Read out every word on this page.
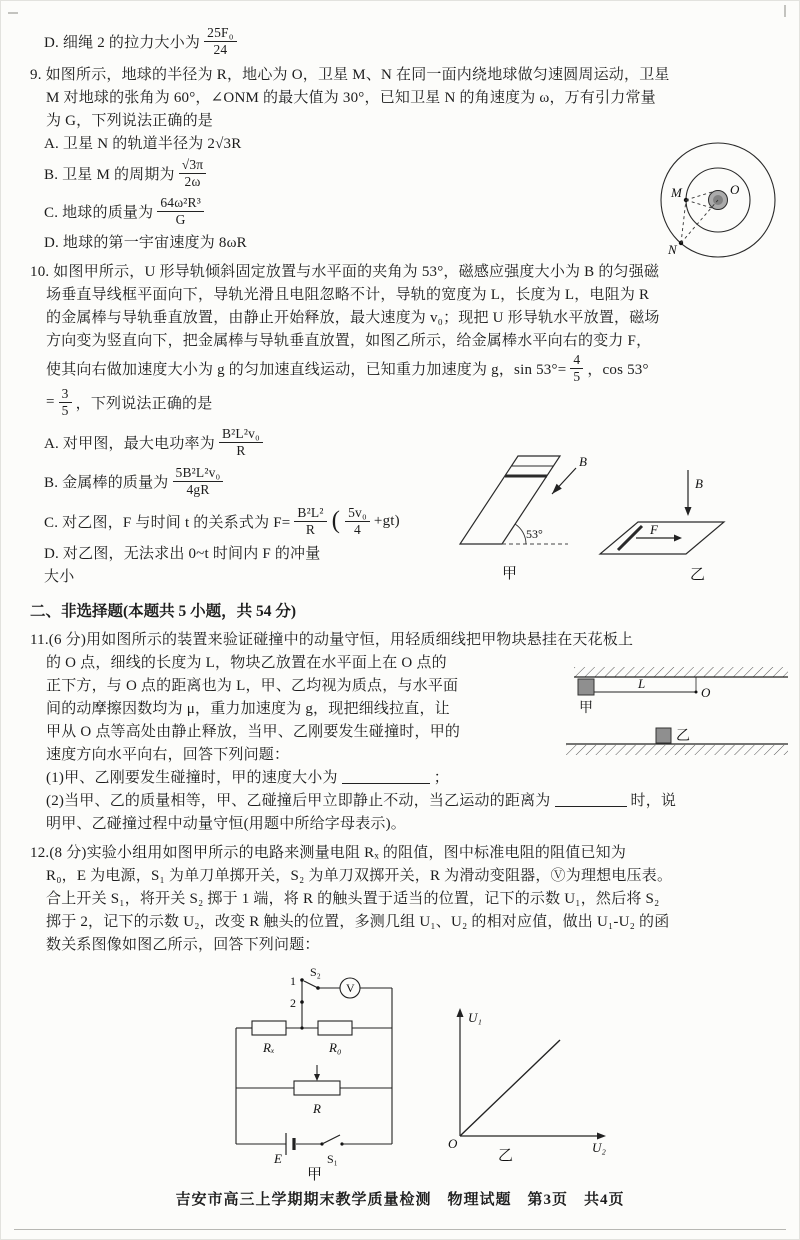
D. 细绳 2 的拉力大小为 $\frac{\text{25F₀}}{24}$
9. 如图所示，地球的半径为 R，地心为 O，卫星 M、N 在同一面内绕地球做匀速圆周运动，卫星
M 对地球的张角为 60°，∠ONM 的最大值为 30°，已知卫星 N 的角速度为 ω，万有引力常量
为 G，下列说法正确的是
A. 卫星 N 的轨道半径为 2√3R
B. 卫星 M 的周期为 $\frac{√3\pi}{2\omega}$
C. 地球的质量为 $\frac{\text{64ω²R³}}{G}$
D. 地球的第一宇宙速度为 8ωR
10. 如图甲所示，U 形导轨倾斜固定放置与水平面的夹角为 53°，磁感应强度大小为 B 的匀强磁
场垂直导线框平面向下，导轨光滑且电阻忽略不计，导轨的宽度为 L，长度为 L，电阻为 R
的金属棒与导轨垂直放置，由静止开始释放，最大速度为 v₀；现把 U 形导轨水平放置，磁场
方向变为竖直向下，把金属棒与导轨垂直放置，如图乙所示，给金属棒水平向右的变力 F，
使其向右做加速度大小为 g 的匀加速直线运动，已知重力加速度为 g，$\sin 53^\circ= \frac{4}{5}$ ，cos 53°
= $\frac{3}{5}$ ，下列说法正确的是
A. 对甲图，最大电功率为 $\frac{\text{B²L²v₀}}{R}$
B. 金属棒的质量为 $\frac{\text{5B²L²v₀}}{4gR}$
C. 对乙图，F 与时间 t 的关系式为 $F= \frac{\text{B²L²}}{R}$ ( $\frac{\text{5v₀}}{4} +gt$)
D. 对乙图，无法求出 0~t 时间内 F 的冲量
大小
二、非选择题(本题共 5 小题，共 54 分)
11.(6 分)用如图所示的装置来验证碰撞中的动量守恒，用轻质细线把甲物块悬挂在天花板上
的 O 点，细线的长度为 L，物块乙放置在水平面上在 O 点的
正下方，与 O 点的距离也为 L，甲、乙均视为质点，与水平面
间的动摩擦因数均为 μ，重力加速度为 g，现把细线拉直，让
甲从 O 点等高处由静止释放，当甲、乙刚要发生碰撞时，甲的
速度方向水平向右，回答下列问题：
(1)甲、乙刚要发生碰撞时，甲的速度大小为	；
(2)当甲、乙的质量相等，甲、乙碰撞后甲立即静止不动，当乙运动的距离为	时，说
明甲、乙碰撞过程中动量守恒(用题中所给字母表示)。
12.(8 分)实验小组用如图甲所示的电路来测量电阻 Rₓ 的阻值，图中标准电阻的阻值已知为
R₀，E 为电源，S₁ 为单刀单掷开关，S₂ 为单刀双掷开关，R 为滑动变阻器，Ⓥ为理想电压表。
合上开关 S₁，将开关 S₂ 掷于 1 端，将 R 的触头置于适当的位置，记下的示数 U₁，然后将 S₂
掷于 2，记下的示数 U₂，改变 R 触头的位置，多测几组 U₁、U₂ 的相对应值，做出 U₁-U₂ 的函
数关系图像如图乙所示，回答下列问题：
M
N
O
B
53°
甲
B
F
乙
L
O
甲
乙
1
2
S₂
V
Rₓ	R₀
R
E	S₁
甲
U₁
U₂
O
乙
吉安市高三上学期期末教学质量检测　物理试题　第3页　共4页
